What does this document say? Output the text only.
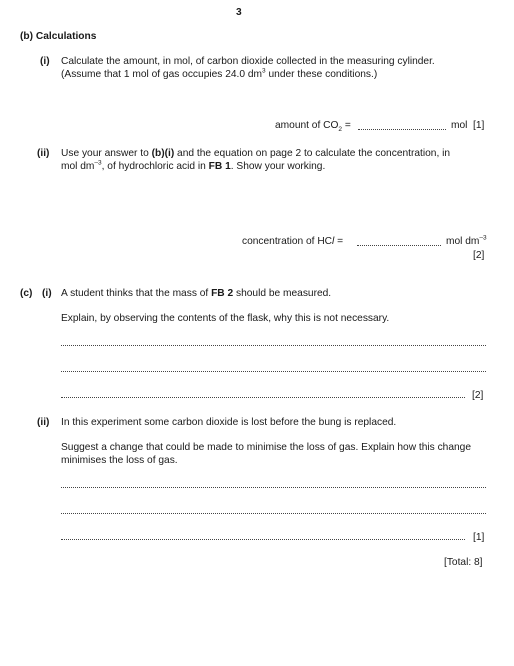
3
(b) Calculations
(i) Calculate the amount, in mol, of carbon dioxide collected in the measuring cylinder.
(Assume that 1 mol of gas occupies 24.0 $dm^3$ under these conditions.)
amount of $CO_2$ =	mol [1]
(ii) Use your answer to (b)(i) and the equation on page 2 to calculate the concentration, in
mol $dm^{-3}$, of hydrochloric acid in FB 1. Show your working.
concentration of HCl =	mol $dm^{-3}$
[2]
(c) (i) A student thinks that the mass of FB 2 should be measured.
Explain, by observing the contents of the flask, why this is not necessary.
[2]
(ii) In this experiment some carbon dioxide is lost before the bung is replaced.
Suggest a change that could be made to minimise the loss of gas. Explain how this change
minimises the loss of gas.
[1]
[Total: 8]
